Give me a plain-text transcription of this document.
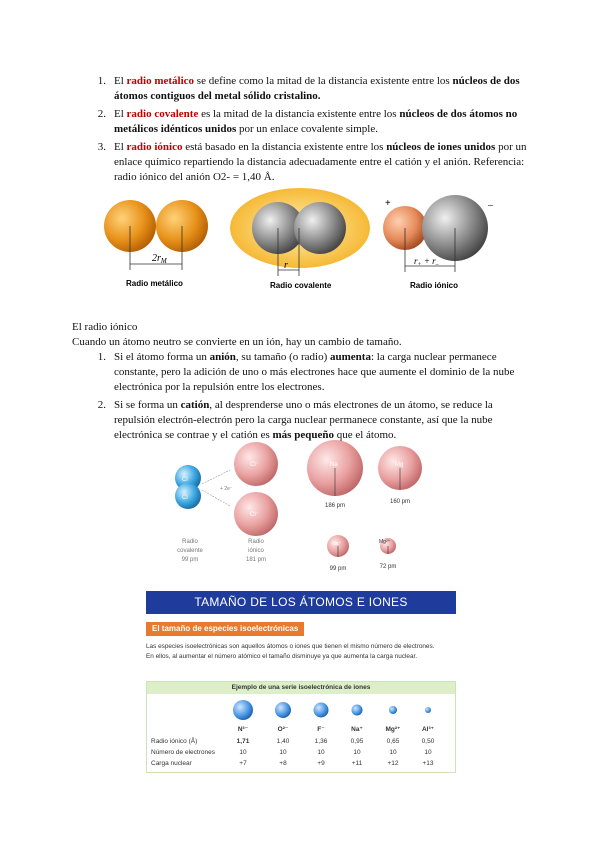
1. El radio metálico se define como la mitad de la distancia existente entre los núcleos de dos átomos contiguos del metal sólido cristalino.
2. El radio covalente es la mitad de la distancia existente entre los núcleos de dos átomos no metálicos idénticos unidos por un enlace covalente simple.
3. El radio iónico está basado en la distancia existente entre los núcleos de iones unidos por un enlace químico repartiendo la distancia adecuadamente entre el catión y el anión. Referencia: radio iónico del anión O2- = 1,40 Å.
$2r_M$
Radio metálico
r
Radio covalente
+	–
$r_+ + r_-$
Radio iónico

El radio iónico

Cuando un átomo neutro se convierte en un ión, hay un cambio de tamaño.

1. Si el átomo forma un anión, su tamaño (o radio) aumenta: la carga nuclear permanece constante, pero la adición de uno o más electrones hace que aumente el dominio de la nube electrónica por la repulsión entre los electrones.
2. Si se forma un catión, al desprenderse uno o más electrones de un átomo, se reduce la repulsión electrón-electrón pero la carga nuclear permanece constante, así que la nube electrónica se contrae y el catión es más pequeño que el átomo.
Cl
Cl
+ 2e⁻
Cl⁻
Cl⁻
Radio
covalente
99 pm
Radio
iónico
181 pm
Na
186 pm
Mg
160 pm
Na⁺
99 pm
Mg²⁺
72 pm
TAMAÑO DE LOS ÁTOMOS E IONES
El tamaño de especies isoelectrónicas

Las especies isoelectrónicas son aquellos átomos o iones que tienen el mismo número de electrones.

En ellos, al aumentar el número atómico el tamaño disminuye ya que aumenta la carga nuclear.

Ejemplo de una serie isoelectrónica de iones
N³⁻	O²⁻	F⁻	Na⁺	Mg²⁺	Al³⁺
Radio iónico (Å)	1,71	1,40	1,36	0,95	0,65	0,50
Número de electrones	10	10	10	10	10	10
Carga nuclear	+7	+8	+9	+11	+12	+13
